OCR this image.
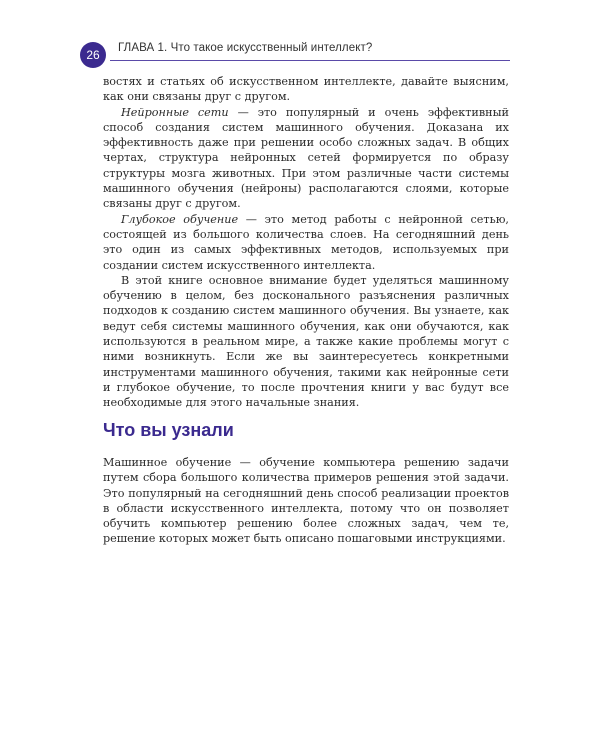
26	ГЛАВА 1. Что такое искусственный интеллект?

востях и статьях об искусственном интеллекте, давайте выясним, как они связаны друг с другом.

Нейронные сети — это популярный и очень эффективный способ создания систем машинного обучения. Доказана их эффективность даже при решении особо сложных задач. В общих чертах, структура нейронных сетей формируется по образу структуры мозга животных. При этом различные части системы машинного обучения (нейроны) располагаются слоями, которые связаны друг с другом.

Глубокое обучение — это метод работы с нейронной сетью, состоящей из большого количества слоев. На сегодняшний день это один из самых эффективных методов, используемых при создании систем искусственного интеллекта.

В этой книге основное внимание будет уделяться машинному обучению в целом, без досконального разъяснения различных подходов к созданию систем машинного обучения. Вы узнаете, как ведут себя системы машинного обучения, как они обучаются, как используются в реальном мире, а также какие проблемы могут с ними возникнуть. Если же вы заинтересуетесь конкретными инструментами машинного обучения, такими как нейронные сети и глубокое обучение, то после прочтения книги у вас будут все необходимые для этого начальные знания.

Что вы узнали

Машинное обучение — обучение компьютера решению задачи путем сбора большого количества примеров решения этой задачи. Это популярный на сегодняшний день способ реализации проектов в области искусственного интеллекта, потому что он позволяет обучить компьютер решению более сложных задач, чем те, решение которых может быть описано пошаговыми инструкциями.
